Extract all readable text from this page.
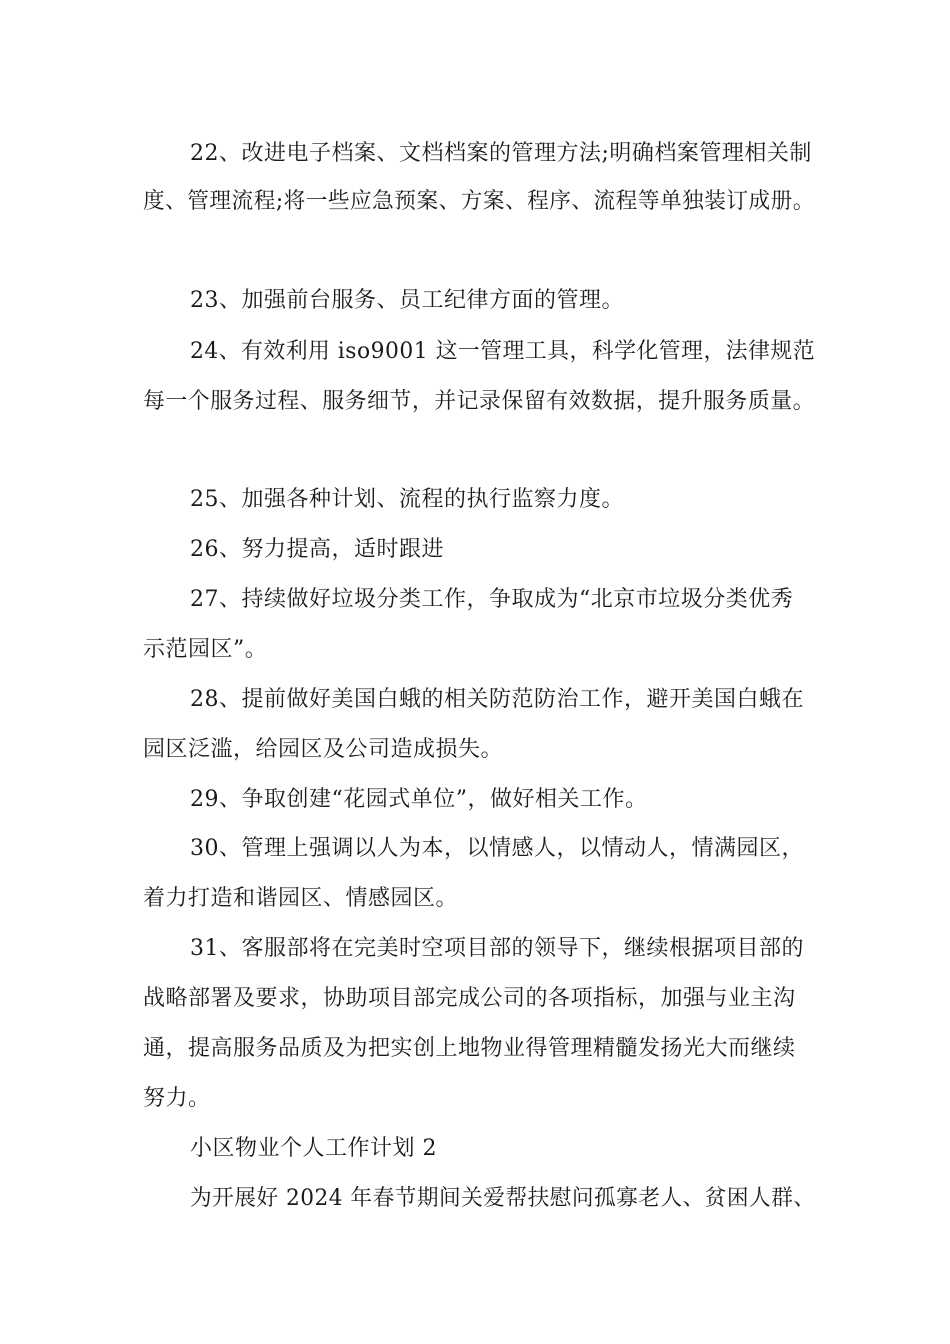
22、改进电子档案、文档档案的管理方法;明确档案管理相关制
度、管理流程;将一些应急预案、方案、程序、流程等单独装订成册。
23、加强前台服务、员工纪律方面的管理。
24、有效利用 iso9001 这一管理工具，科学化管理，法律规范
每一个服务过程、服务细节，并记录保留有效数据，提升服务质量。
25、加强各种计划、流程的执行监察力度。
26、努力提高，适时跟进
27、持续做好垃圾分类工作，争取成为“北京市垃圾分类优秀
示范园区”。
28、提前做好美国白蛾的相关防范防治工作，避开美国白蛾在
园区泛滥，给园区及公司造成损失。
29、争取创建“花园式单位”，做好相关工作。
30、管理上强调以人为本，以情感人，以情动人，情满园区，
着力打造和谐园区、情感园区。
31、客服部将在完美时空项目部的领导下，继续根据项目部的
战略部署及要求，协助项目部完成公司的各项指标，加强与业主沟
通，提高服务品质及为把实创上地物业得管理精髓发扬光大而继续
努力。
小区物业个人工作计划 2
为开展好 2024 年春节期间关爱帮扶慰问孤寡老人、贫困人群、
